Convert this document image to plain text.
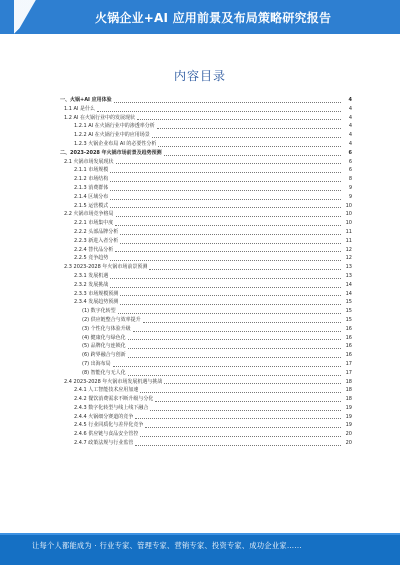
火锅企业+AI 应用前景及布局策略研究报告
内容目录
一、火锅+AI 应用体验	4
1.1 AI 是什么	4
1.2 AI 在火锅行业中的发展现状	4
1.2.1 AI 在火锅行业中的渗透率分析	4
1.2.2 AI 在火锅行业中的应用场景	4
1.2.3 火锅企业布局 AI 的必要性分析	4
二、2023-2028 年火锅市场前景及趋势预测	6
2.1 火锅市场发展现状	6
2.1.1 市场规模	6
2.1.2 市场结构	8
2.1.3 消费群体	9
2.1.4 区域分布	9
2.1.5 运营模式	10
2.2 火锅市场竞争格局	10
2.2.1 市场集中度	10
2.2.2 头部品牌分析	11
2.2.3 新进入者分析	11
2.2.4 替代品分析	12
2.2.5 竞争趋势	12
2.3 2023-2028 年火锅市场前景预测	13
2.3.1 发展机遇	13
2.3.2 发展挑战	14
2.3.3 市场规模预测	14
2.3.4 发展趋势预测	15
(1) 数字化转型	15
(2) 供应链整合与效率提升	15
(3) 个性化与体验升级	16
(4) 健康化与绿色化	16
(5) 品牌化与连锁化	16
(6) 跨界融合与创新	16
(7) 出海布局	17
(8) 智能化与无人化	17
2.4 2023-2028 年火锅市场发展机遇与挑战	18
2.4.1 人工智能技术应用加速	18
2.4.2 餐饮消费需求不断升级与分化	18
2.4.3 数字化转型与线上线下融合	19
2.4.4 火锅细分赛道的竞争	19
2.4.5 行业同质化与差异化竞争	19
2.4.6 供应链与食品安全管控	20
2.4.7 政策法规与行业监管	20
让每个人都能成为 · 行业专家、管理专家、营销专家、投资专家、成功企业家……
